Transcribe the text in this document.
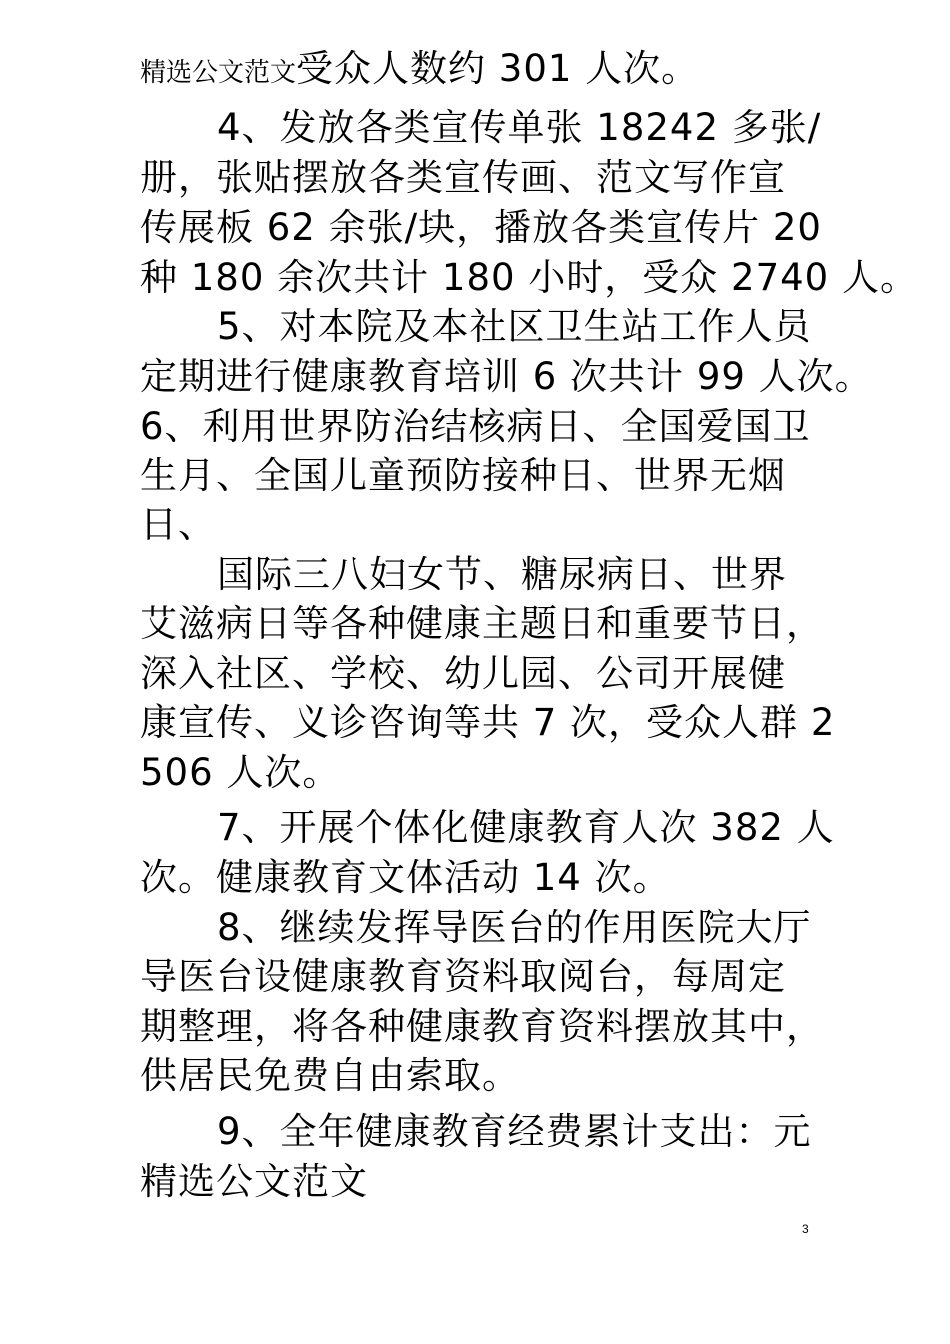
精选公文范文受众人数约 301 人次。
4、发放各类宣传单张 18242 多张/
册，张贴摆放各类宣传画、范文写作宣
传展板 62 余张/块，播放各类宣传片 20
种 180 余次共计 180 小时，受众 2740 人。
5、对本院及本社区卫生站工作人员
定期进行健康教育培训 6 次共计 99 人次。
6、利用世界防治结核病日、全国爱国卫
生月、全国儿童预防接种日、世界无烟
日、
国际三八妇女节、糖尿病日、世界
艾滋病日等各种健康主题日和重要节日，
深入社区、学校、幼儿园、公司开展健
康宣传、义诊咨询等共 7 次，受众人群 2
506 人次。
7、开展个体化健康教育人次 382 人
次。健康教育文体活动 14 次。
8、继续发挥导医台的作用医院大厅
导医台设健康教育资料取阅台，每周定
期整理，将各种健康教育资料摆放其中，
供居民免费自由索取。
9、全年健康教育经费累计支出：元
精选公文范文
3
